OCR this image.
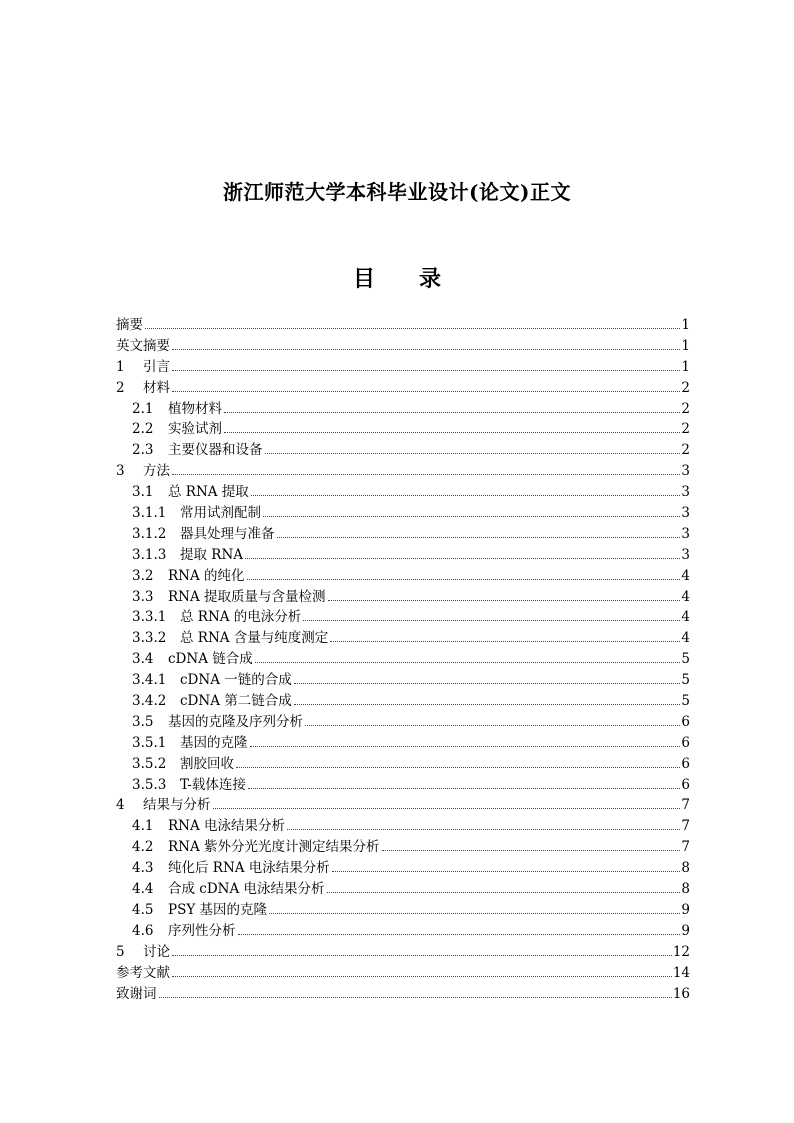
浙江师范大学本科毕业设计(论文)正文
目 录
摘要	1
英文摘要	1
1	引言	1
2	材料	2
2.1	植物材料	2
2.2	实验试剂	2
2.3	主要仪器和设备	2
3	方法	3
3.1	总 RNA 提取	3
3.1.1	常用试剂配制	3
3.1.2	器具处理与准备	3
3.1.3	提取 RNA	3
3.2	RNA 的纯化	4
3.3	RNA 提取质量与含量检测	4
3.3.1	总 RNA 的电泳分析	4
3.3.2	总 RNA 含量与纯度测定	4
3.4	cDNA 链合成	5
3.4.1	cDNA 一链的合成	5
3.4.2	cDNA 第二链合成	5
3.5	基因的克隆及序列分析	6
3.5.1	基因的克隆	6
3.5.2	割胶回收	6
3.5.3	T-载体连接	6
4	结果与分析	7
4.1	RNA 电泳结果分析	7
4.2	RNA 紫外分光光度计测定结果分析	7
4.3	纯化后 RNA 电泳结果分析	8
4.4	合成 cDNA 电泳结果分析	8
4.5	PSY 基因的克隆	9
4.6	序列性分析	9
5	讨论	12
参考文献	14
致谢词	16
